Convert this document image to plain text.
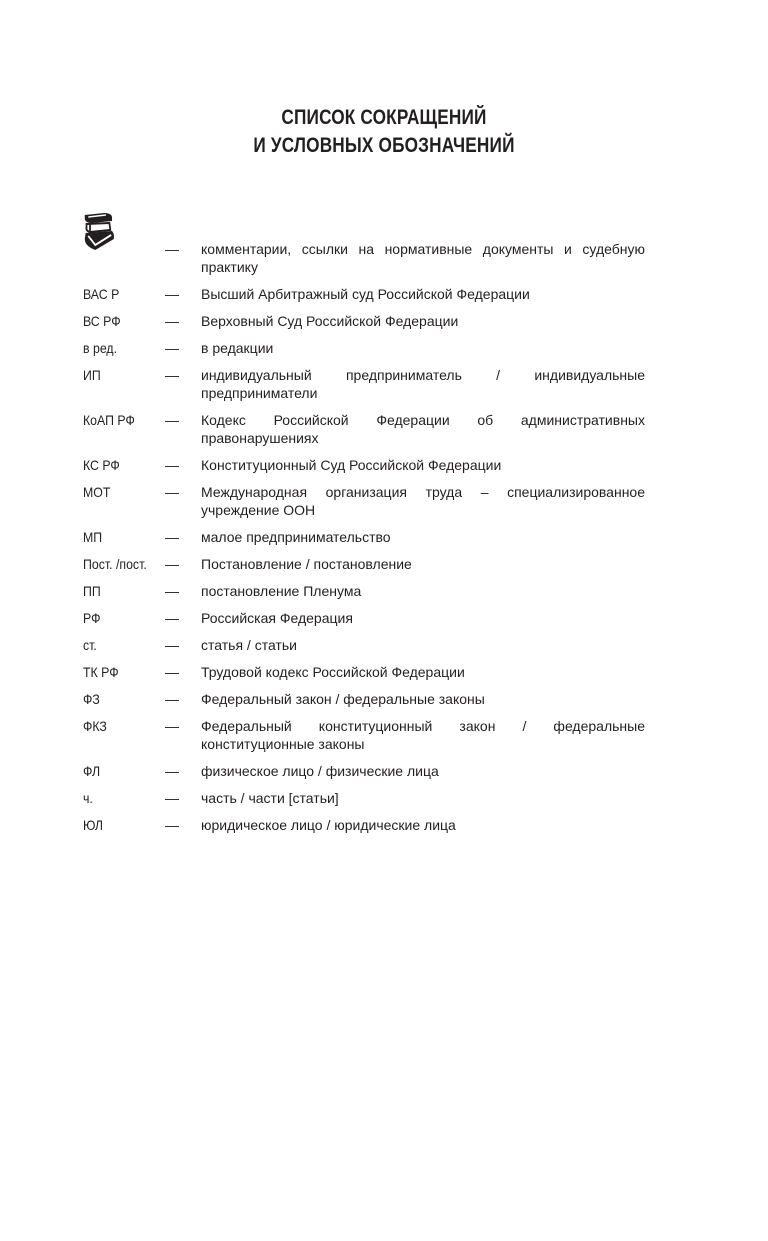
СПИСОК СОКРАЩЕНИЙ
И УСЛОВНЫХ ОБОЗНАЧЕНИЙ
—	комментарии, ссылки на нормативные документы и судебную практику
ВАС Р	—	Высший Арбитражный суд Российской Федерации
ВС РФ	—	Верховный Суд Российской Федерации
в ред.	—	в редакции
ИП	—	индивидуальный предприниматель / индивидуальные предприниматели
КоАП РФ	—	Кодекс Российской Федерации об административных правонарушениях
КС РФ	—	Конституционный Суд Российской Федерации
МОТ	—	Международная организация труда – специализированное учреждение ООН
МП	—	малое предпринимательство
Пост. /пост.	—	Постановление / постановление
ПП	—	постановление Пленума
РФ	—	Российская Федерация
ст.	—	статья / статьи
ТК РФ	—	Трудовой кодекс Российской Федерации
ФЗ	—	Федеральный закон / федеральные законы
ФКЗ	—	Федеральный конституционный закон / федеральные конституционные законы
ФЛ	—	физическое лицо / физические лица
ч.	—	часть / части [статьи]
ЮЛ	—	юридическое лицо / юридические лица
